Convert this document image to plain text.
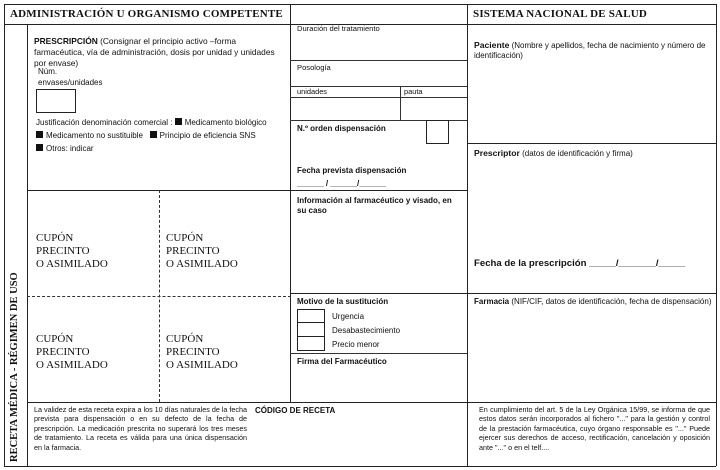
ADMINISTRACIÓN U ORGANISMO COMPETENTE	SISTEMA NACIONAL DE SALUD
RECETA MÉDICA - RÉGIMEN DE USO
PRESCRIPCIÓN (Consignar el principio activo –forma farmacéutica, vía de administración, dosis por unidad y unidades por envase)
Núm.
envases/unidades
Justificación denominación comercial : Medicamento biológico
Medicamento no sustituible Principio de eficiencia SNS
Otros: indicar
CUPÓN
PRECINTO
O ASIMILADO
CUPÓN
PRECINTO
O ASIMILADO
CUPÓN
PRECINTO
O ASIMILADO
CUPÓN
PRECINTO
O ASIMILADO
Duración del tratamiento
Posología
unidades	pauta
N.º orden dispensación
Fecha prevista dispensación
______ / ______/______
Información al farmacéutico y visado, en su caso
Motivo de la sustitución
Urgencia
Desabastecimiento
Precio menor
Firma del Farmacéutico
Paciente (Nombre y apellidos, fecha de nacimiento y número de identificación)
Prescriptor (datos de identificación y firma)
Fecha de la prescripción _____/_______/_____
Farmacia (NIF/CIF, datos de identificación, fecha de dispensación)
La validez de esta receta expira a los 10 días naturales de la fecha prevista para dispensación o en su defecto de la fecha de prescripción. La medicación prescrita no superará los tres meses de tratamiento. La receta es válida para una única dispensación en la farmacia.
CÓDIGO DE RECETA	En cumplimiento del art. 5 de la Ley Orgánica 15/99, se informa de que estos datos serán incorporados al fichero "..." para la gestión y control de la prestación farmacéutica, cuyo órgano responsable es "..." Puede ejercer sus derechos de acceso, rectificación, cancelación y oposición ante "..." o en el telf....
